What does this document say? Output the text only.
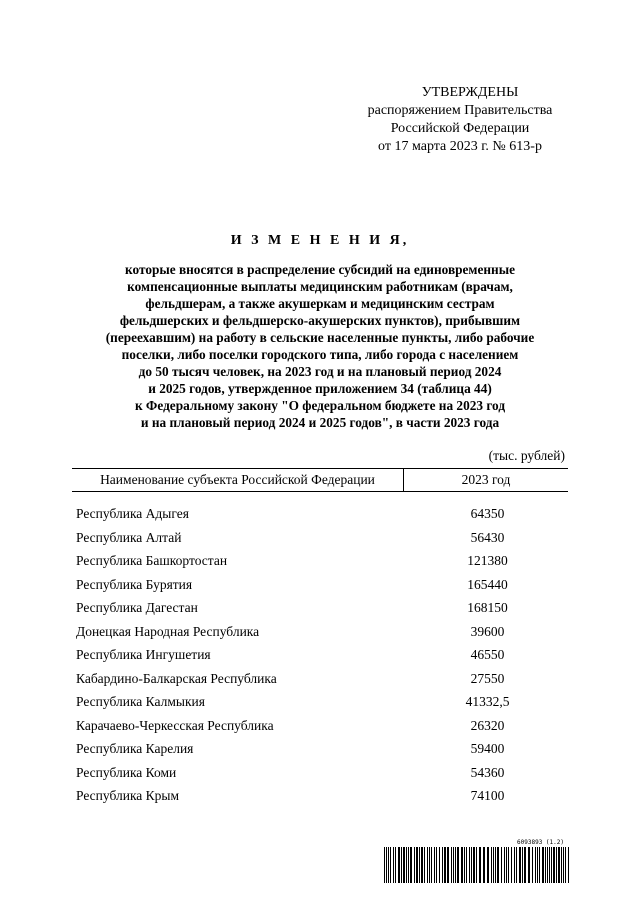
УТВЕРЖДЕНЫ
распоряжением Правительства
Российской Федерации
от 17 марта 2023 г. № 613-р
И З М Е Н Е Н И Я,
которые вносятся в распределение субсидий на единовременные
компенсационные выплаты медицинским работникам (врачам,
фельдшерам, а также акушеркам и медицинским сестрам
фельдшерских и фельдшерско-акушерских пунктов), прибывшим
(переехавшим) на работу в сельские населенные пункты, либо рабочие
поселки, либо поселки городского типа, либо города с населением
до 50 тысяч человек, на 2023 год и на плановый период 2024
и 2025 годов, утвержденное приложением 34 (таблица 44)
к Федеральному закону "О федеральном бюджете на 2023 год
и на плановый период 2024 и 2025 годов", в части 2023 года
(тыс. рублей)
Наименование субъекта Российской Федерации	2023 год
Республика Адыгея	64350
Республика Алтай	56430
Республика Башкортостан	121380
Республика Бурятия	165440
Республика Дагестан	168150
Донецкая Народная Республика	39600
Республика Ингушетия	46550
Кабардино-Балкарская Республика	27550
Республика Калмыкия	41332,5
Карачаево-Черкесская Республика	26320
Республика Карелия	59400
Республика Коми	54360
Республика Крым	74100
6093893 (1.2)
